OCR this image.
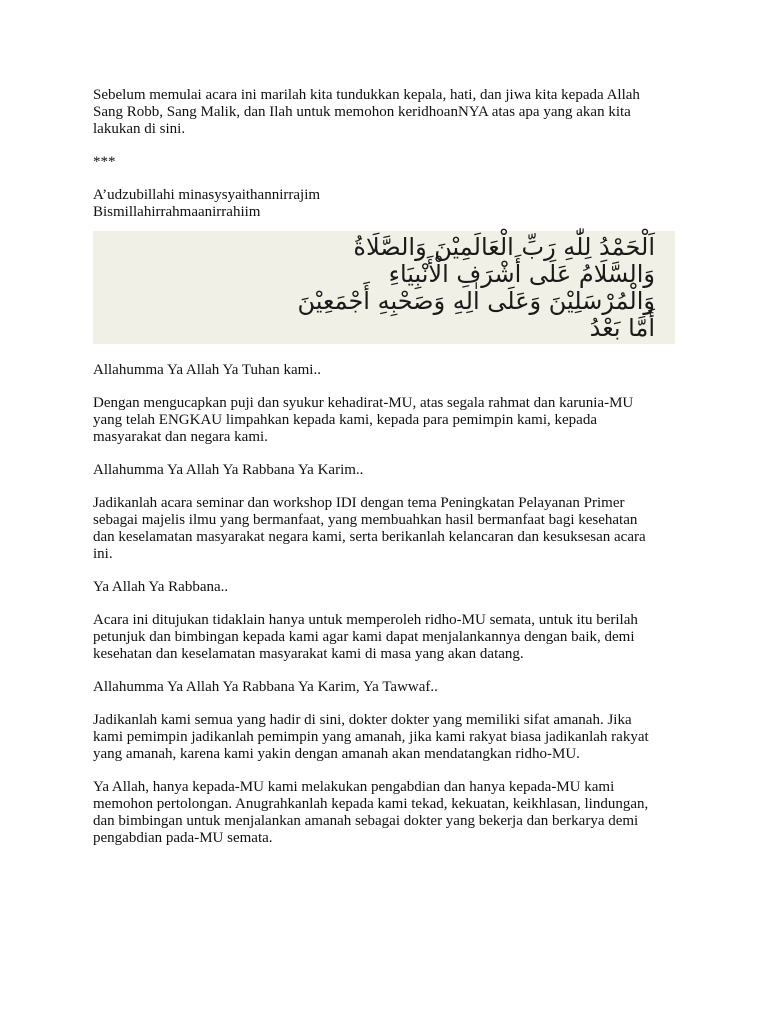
Sebelum memulai acara ini marilah kita tundukkan kepala, hati, dan jiwa kita kepada Allah
Sang Robb, Sang Malik, dan Ilah untuk memohon keridhoanNYA atas apa yang akan kita
lakukan di sini.

***

A’udzubillahi minasysyaithannirrajim
Bismillahirrahmaanirrahiim

اَلْحَمْدُ لِلّٰهِ رَبِّ الْعَالَمِيْنَ وَالصَّلَاةُ
وَالسَّلَامُ عَلَى أَشْرَفِ الْأَنْبِيَاءِ
وَالْمُرْسَلِيْنَ وَعَلَى اٰلِهِ وَصَحْبِهِ أَجْمَعِيْنَ
أَمَّا بَعْدُ

Allahumma Ya Allah Ya Tuhan kami..

Dengan mengucapkan puji dan syukur kehadirat-MU, atas segala rahmat dan karunia-MU
yang telah ENGKAU limpahkan kepada kami, kepada para pemimpin kami, kepada
masyarakat dan negara kami.

Allahumma Ya Allah Ya Rabbana Ya Karim..

Jadikanlah acara seminar dan workshop IDI dengan tema Peningkatan Pelayanan Primer
sebagai majelis ilmu yang bermanfaat, yang membuahkan hasil bermanfaat bagi kesehatan
dan keselamatan masyarakat negara kami, serta berikanlah kelancaran dan kesuksesan acara
ini.

Ya Allah Ya Rabbana..

Acara ini ditujukan tidaklain hanya untuk memperoleh ridho-MU semata, untuk itu berilah
petunjuk dan bimbingan kepada kami agar kami dapat menjalankannya dengan baik, demi
kesehatan dan keselamatan masyarakat kami di masa yang akan datang.

Allahumma Ya Allah Ya Rabbana Ya Karim, Ya Tawwaf..

Jadikanlah kami semua yang hadir di sini, dokter dokter yang memiliki sifat amanah. Jika
kami pemimpin jadikanlah pemimpin yang amanah, jika kami rakyat biasa jadikanlah rakyat
yang amanah, karena kami yakin dengan amanah akan mendatangkan ridho-MU.

Ya Allah, hanya kepada-MU kami melakukan pengabdian dan hanya kepada-MU kami
memohon pertolongan. Anugrahkanlah kepada kami tekad, kekuatan, keikhlasan, lindungan,
dan bimbingan untuk menjalankan amanah sebagai dokter yang bekerja dan berkarya demi
pengabdian pada-MU semata.
